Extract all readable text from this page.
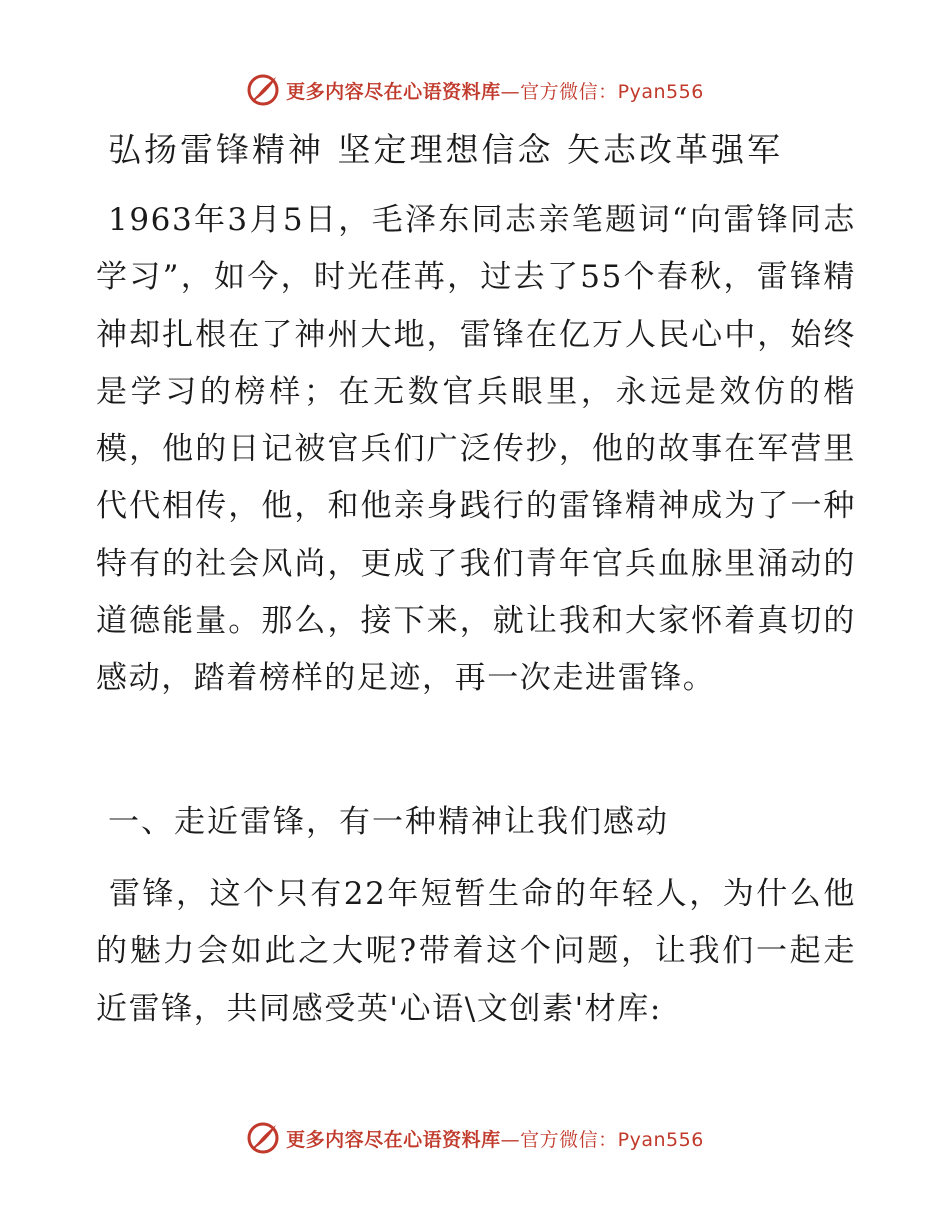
更多内容尽在心语资料库—官方微信：Pyan556
弘扬雷锋精神 坚定理想信念 矢志改革强军

1963年3月5日，毛泽东同志亲笔题词“向雷锋同志学习”，如今，时光荏苒，过去了55个春秋，雷锋精神却扎根在了神州大地，雷锋在亿万人民心中，始终是学习的榜样；在无数官兵眼里，永远是效仿的楷模，他的日记被官兵们广泛传抄，他的故事在军营里代代相传，他，和他亲身践行的雷锋精神成为了一种特有的社会风尚，更成了我们青年官兵血脉里涌动的道德能量。那么，接下来，就让我和大家怀着真切的感动，踏着榜样的足迹，再一次走进雷锋。

一、走近雷锋，有一种精神让我们感动

雷锋，这个只有22年短暂生命的年轻人，为什么他的魅力会如此之大呢?带着这个问题，让我们一起走近雷锋，共同感受英'心语\文创素'材库:

更多内容尽在心语资料库—官方微信：Pyan556
